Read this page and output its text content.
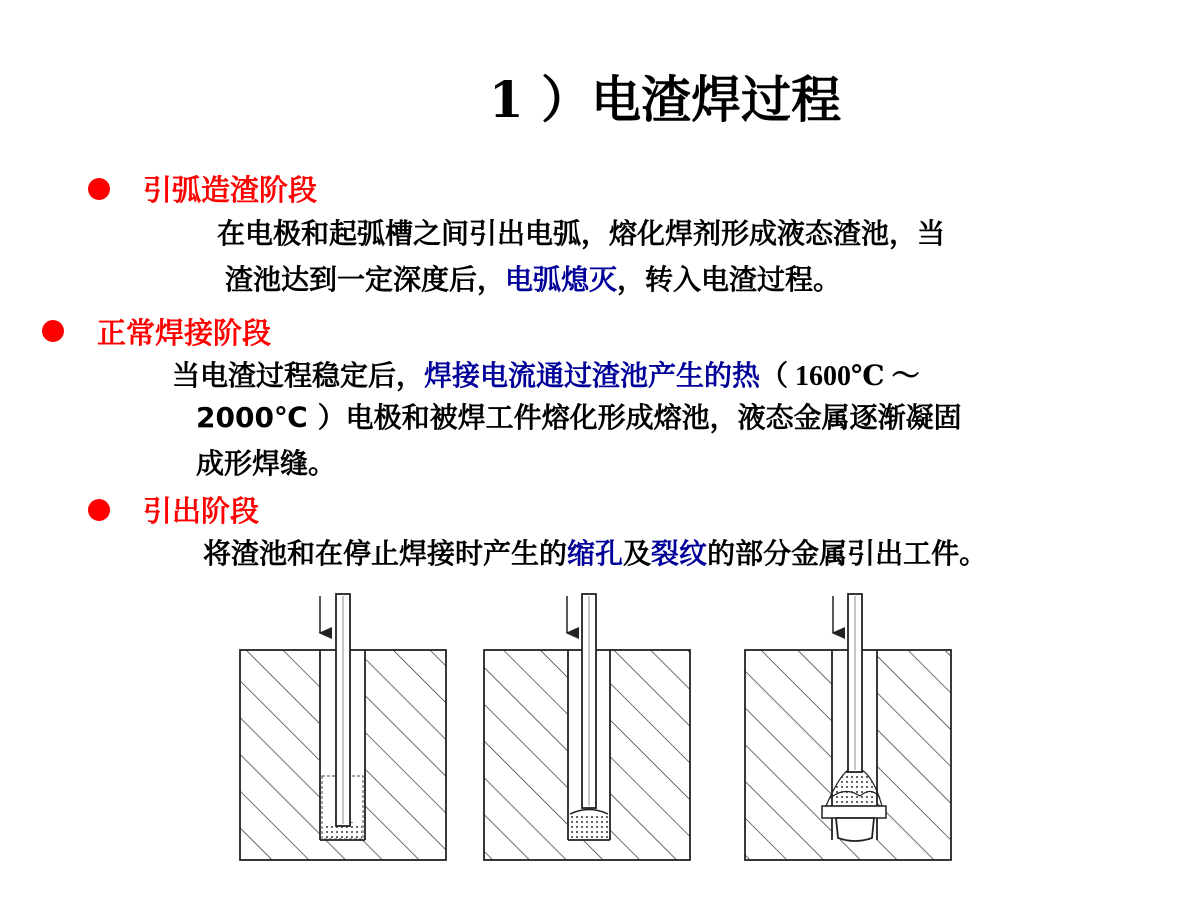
1 ）电渣焊过程
引弧造渣阶段
在电极和起弧槽之间引出电弧，熔化焊剂形成液态渣池，当
渣池达到一定深度后，电弧熄灭，转入电渣过程。
正常焊接阶段
当电渣过程稳定后，焊接电流通过渣池产生的热（ 1600℃ ～
2000℃ ）电极和被焊工件熔化形成熔池，液态金属逐渐凝固
成形焊缝。
引出阶段
将渣池和在停止焊接时产生的缩孔及裂纹的部分金属引出工件。
